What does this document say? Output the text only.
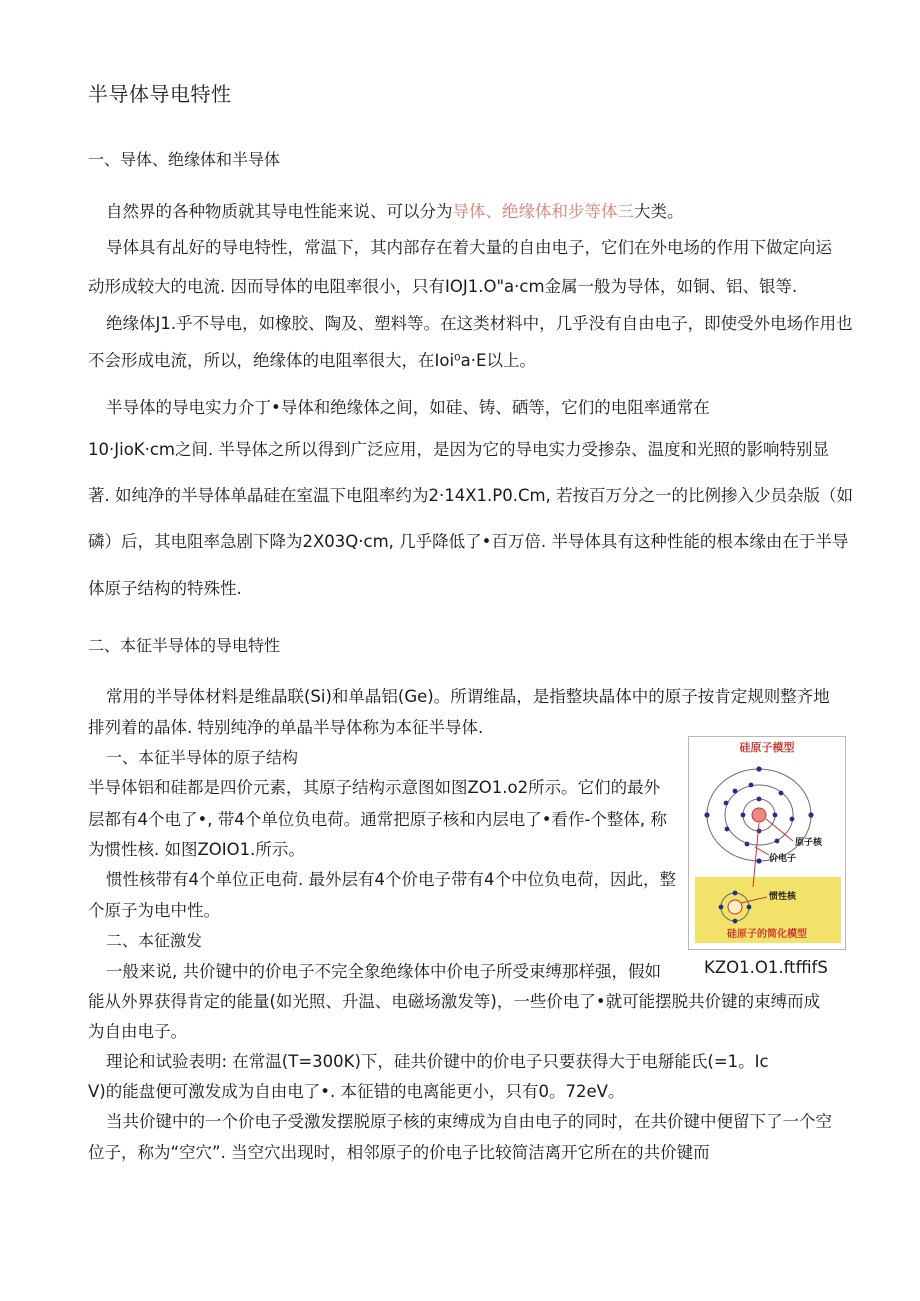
半导体导电特性
一、导体、绝缘体和半导体
自然界的各种物质就其导电性能来说、可以分为导体、绝缘体和步等体三大类。
导体具有乩好的导电特性，常温下，其内部存在着大量的自由电子，它们在外电场的作用下做定向运
动形成较大的电流. 因而导体的电阻率很小，只有IOJ1.O"a·cm金属一般为导体，如铜、铝、银等.
绝缘体J1.乎不导电，如橡胶、陶及、塑料等。在这类材料中，几乎没有自由电子，即使受外电场作用也
不会形成电流，所以，绝缘体的电阻率很大，在Ioi⁰a·E以上。
半导体的导电实力介丁•导体和绝缘体之间，如硅、铸、硒等，它们的电阻率通常在
10·JioK·cm之间. 半导体之所以得到广泛应用，是因为它的导电实力受掺杂、温度和光照的影响特别显
著. 如纯净的半导体单晶硅在室温下电阻率约为2·14X1.P0.Cm, 若按百万分之一的比例掺入少员杂版（如
磷）后，其电阻率急剧下降为2X03Q·cm, 几乎降低了•百万倍. 半导体具有这种性能的根本缘由在于半导
体原子结构的特殊性.
二、本征半导体的导电特性
常用的半导体材料是维晶联(Si)和单晶铝(Ge)。所谓维晶，是指整块晶体中的原子按肯定规则整齐地
排列着的晶体. 特别纯净的单晶半导体称为本征半导体.
一、本征半导体的原子结构
半导体铝和硅都是四价元素，其原子结构示意图如图ZO1.o2所示。它们的最外
层都有4个电了•, 带4个单位负电荷。通常把原子核和内层电了•看作-个整体, 称
为惯性核. 如图ZOIO1.所示。
惯性核带有4个单位正电荷. 最外层有4个价电子带有4个中位负电荷，因此，整
个原子为电中性。
二、本征激发
一般来说, 共价键中的价电子不完全象绝缘体中价电子所受束缚那样强，假如
能从外界获得肯定的能量(如光照、升温、电磁场激发等)，一些价电了•就可能摆脱共价键的束缚而成
为自由电子。
理论和试验表明: 在常温(T=300K)下，硅共价键中的价电子只要获得大于电掰能氏(=1。Ic
V)的能盘便可激发成为自由电了•. 本征错的电离能更小，只有0。72eV。
当共价键中的一个价电子受激发摆脱原子核的束缚成为自由电子的同时，在共价键中便留下了一个空
位子，称为“空穴”. 当空穴出现时，相邻原子的价电子比较简洁离开它所在的共价键而
硅原子模型
原子核
价电子
惯性核
硅原子的简化模型
KZO1.O1.ftffifS
